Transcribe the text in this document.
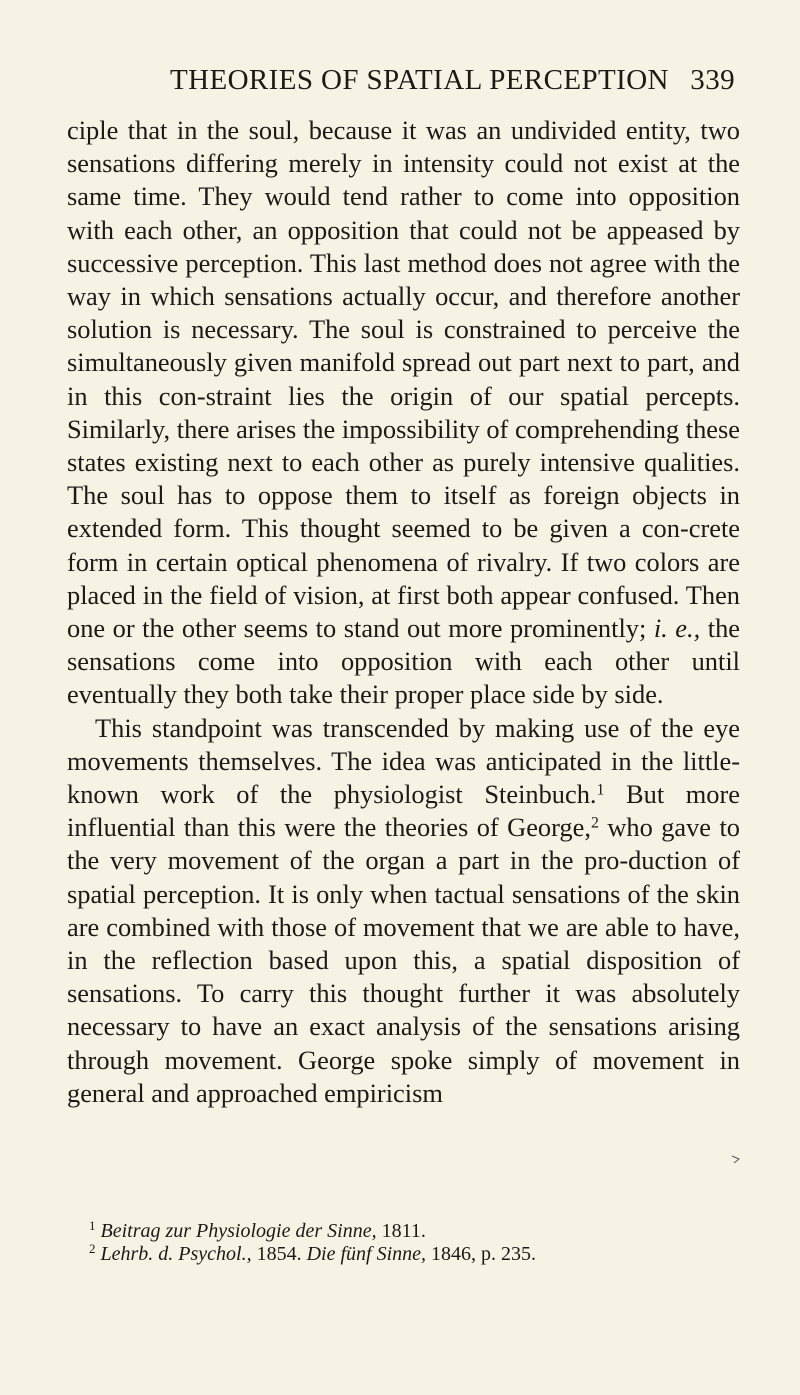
THEORIES OF SPATIAL PERCEPTION 339

ciple that in the soul, because it was an undivided entity, two sensations differing merely in intensity could not exist at the same time. They would tend rather to come into opposition with each other, an opposition that could not be appeased by successive perception. This last method does not agree with the way in which sensations actually occur, and therefore another solution is necessary. The soul is constrained to perceive the simultaneously given manifold spread out part next to part, and in this con-straint lies the origin of our spatial percepts. Similarly, there arises the impossibility of comprehending these states existing next to each other as purely intensive qualities. The soul has to oppose them to itself as foreign objects in extended form. This thought seemed to be given a con-crete form in certain optical phenomena of rivalry. If two colors are placed in the field of vision, at first both appear confused. Then one or the other seems to stand out more prominently; i. e., the sensations come into opposition with each other until eventually they both take their proper place side by side.

This standpoint was transcended by making use of the eye movements themselves. The idea was anticipated in the little-known work of the physiologist Steinbuch.$^1$ But more influential than this were the theories of George,$^2$ who gave to the very movement of the organ a part in the pro-duction of spatial perception. It is only when tactual sensations of the skin are combined with those of movement that we are able to have, in the reflection based upon this, a spatial disposition of sensations. To carry this thought further it was absolutely necessary to have an exact analysis of the sensations arising through movement. George spoke simply of movement in general and approached empiricism

$^1$ Beitrag zur Physiologie der Sinne, 1811.

$^2$ Lehrb. d. Psychol., 1854. Die fünf Sinne, 1846, p. 235.
